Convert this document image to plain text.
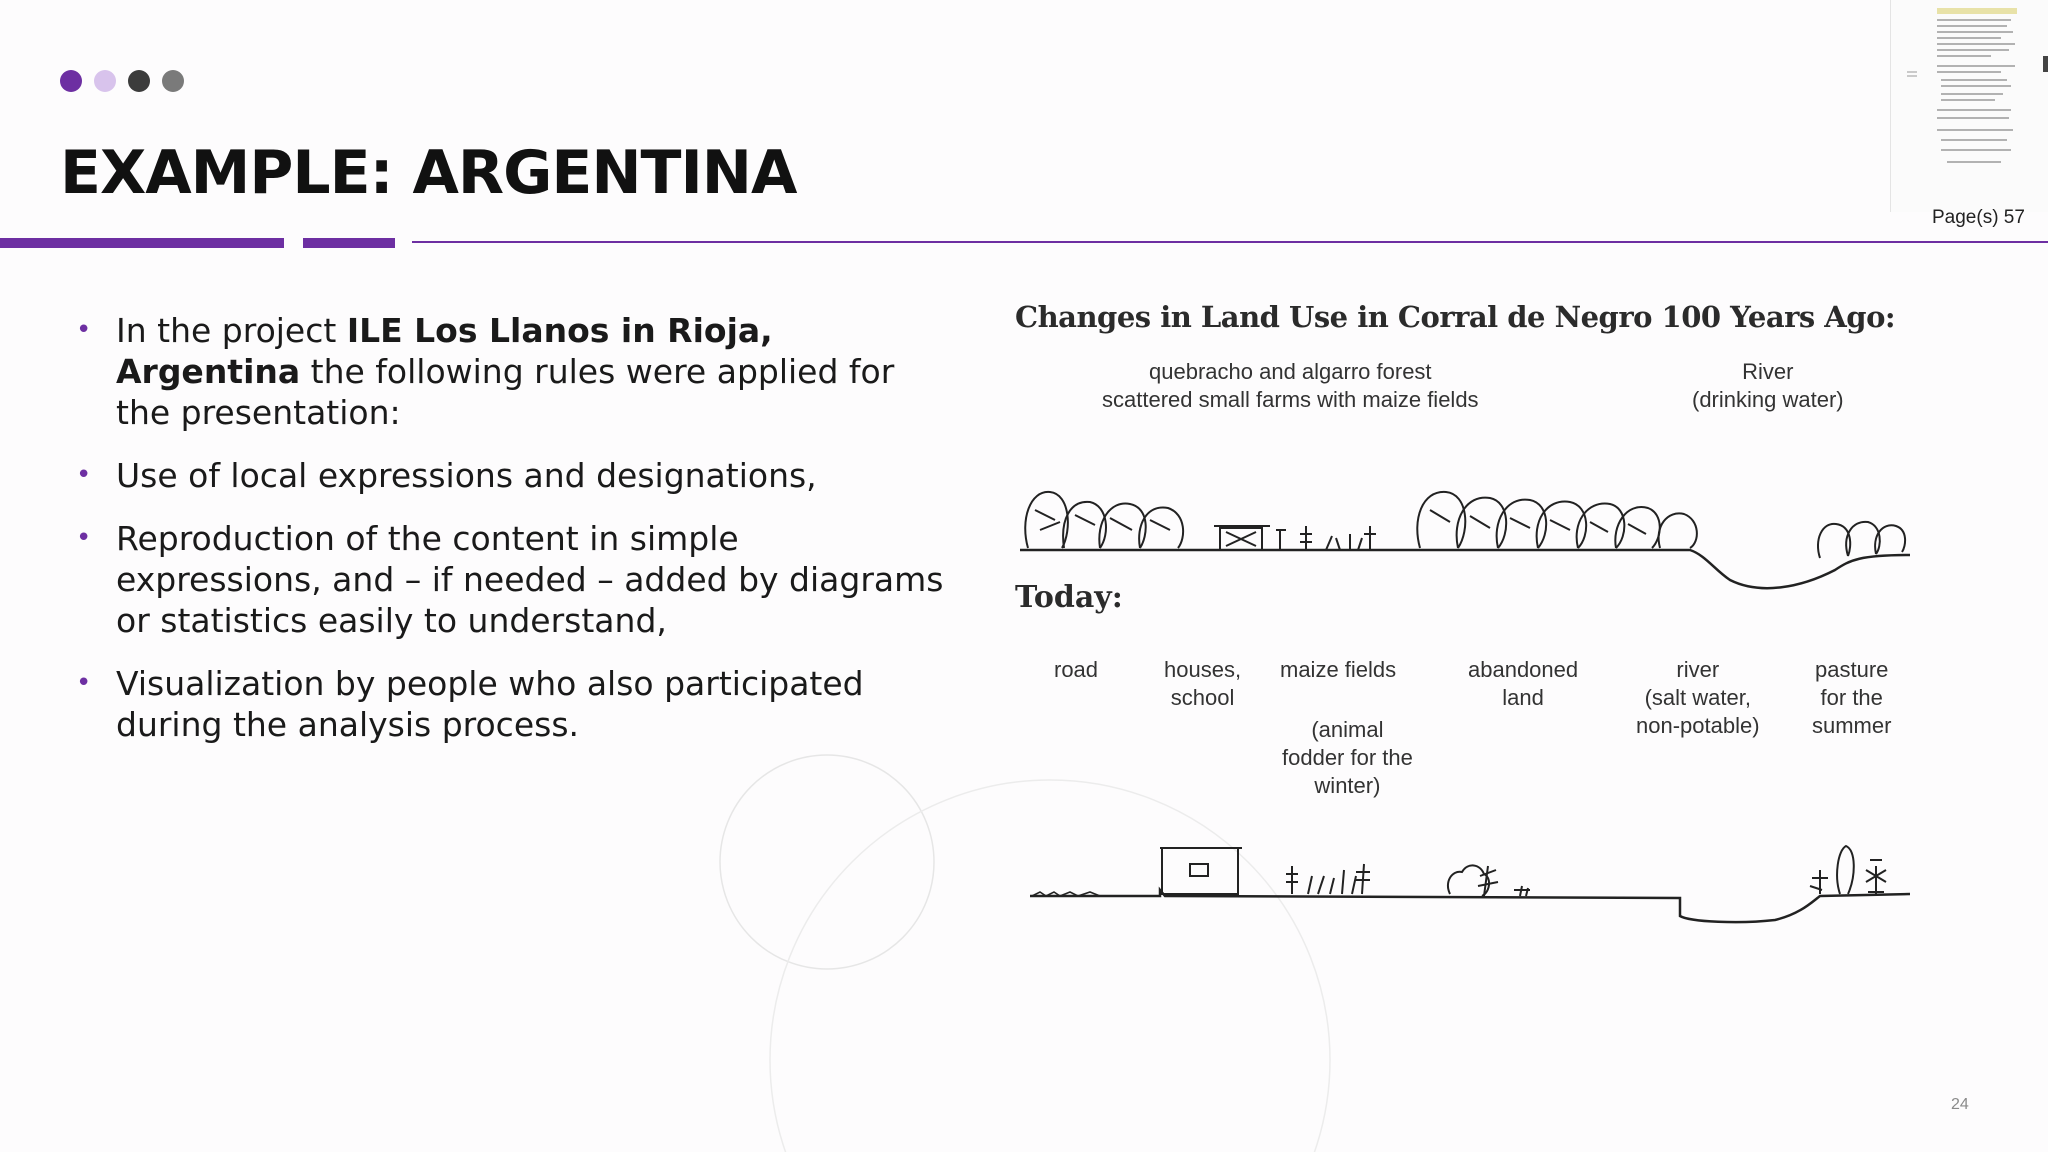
EXAMPLE: ARGENTINA
Page(s) 57
• In the project ILE Los Llanos in Rioja, Argentina the following rules were applied for the presentation:
• Use of local expressions and designations,
• Reproduction of the content in simple expressions, and – if needed – added by diagrams or statistics easily to understand,
• Visualization by people who also participated during the analysis process.
Changes in Land Use in Corral de Negro 100 Years Ago:
quebracho and algarro forest
scattered small farms with maize fields
River
(drinking water)
Today:
road	houses,
school
maize fields
(animal
fodder for the
winter)
abandoned
land
river
(salt water,
non-potable)
pasture
for the
summer
24
